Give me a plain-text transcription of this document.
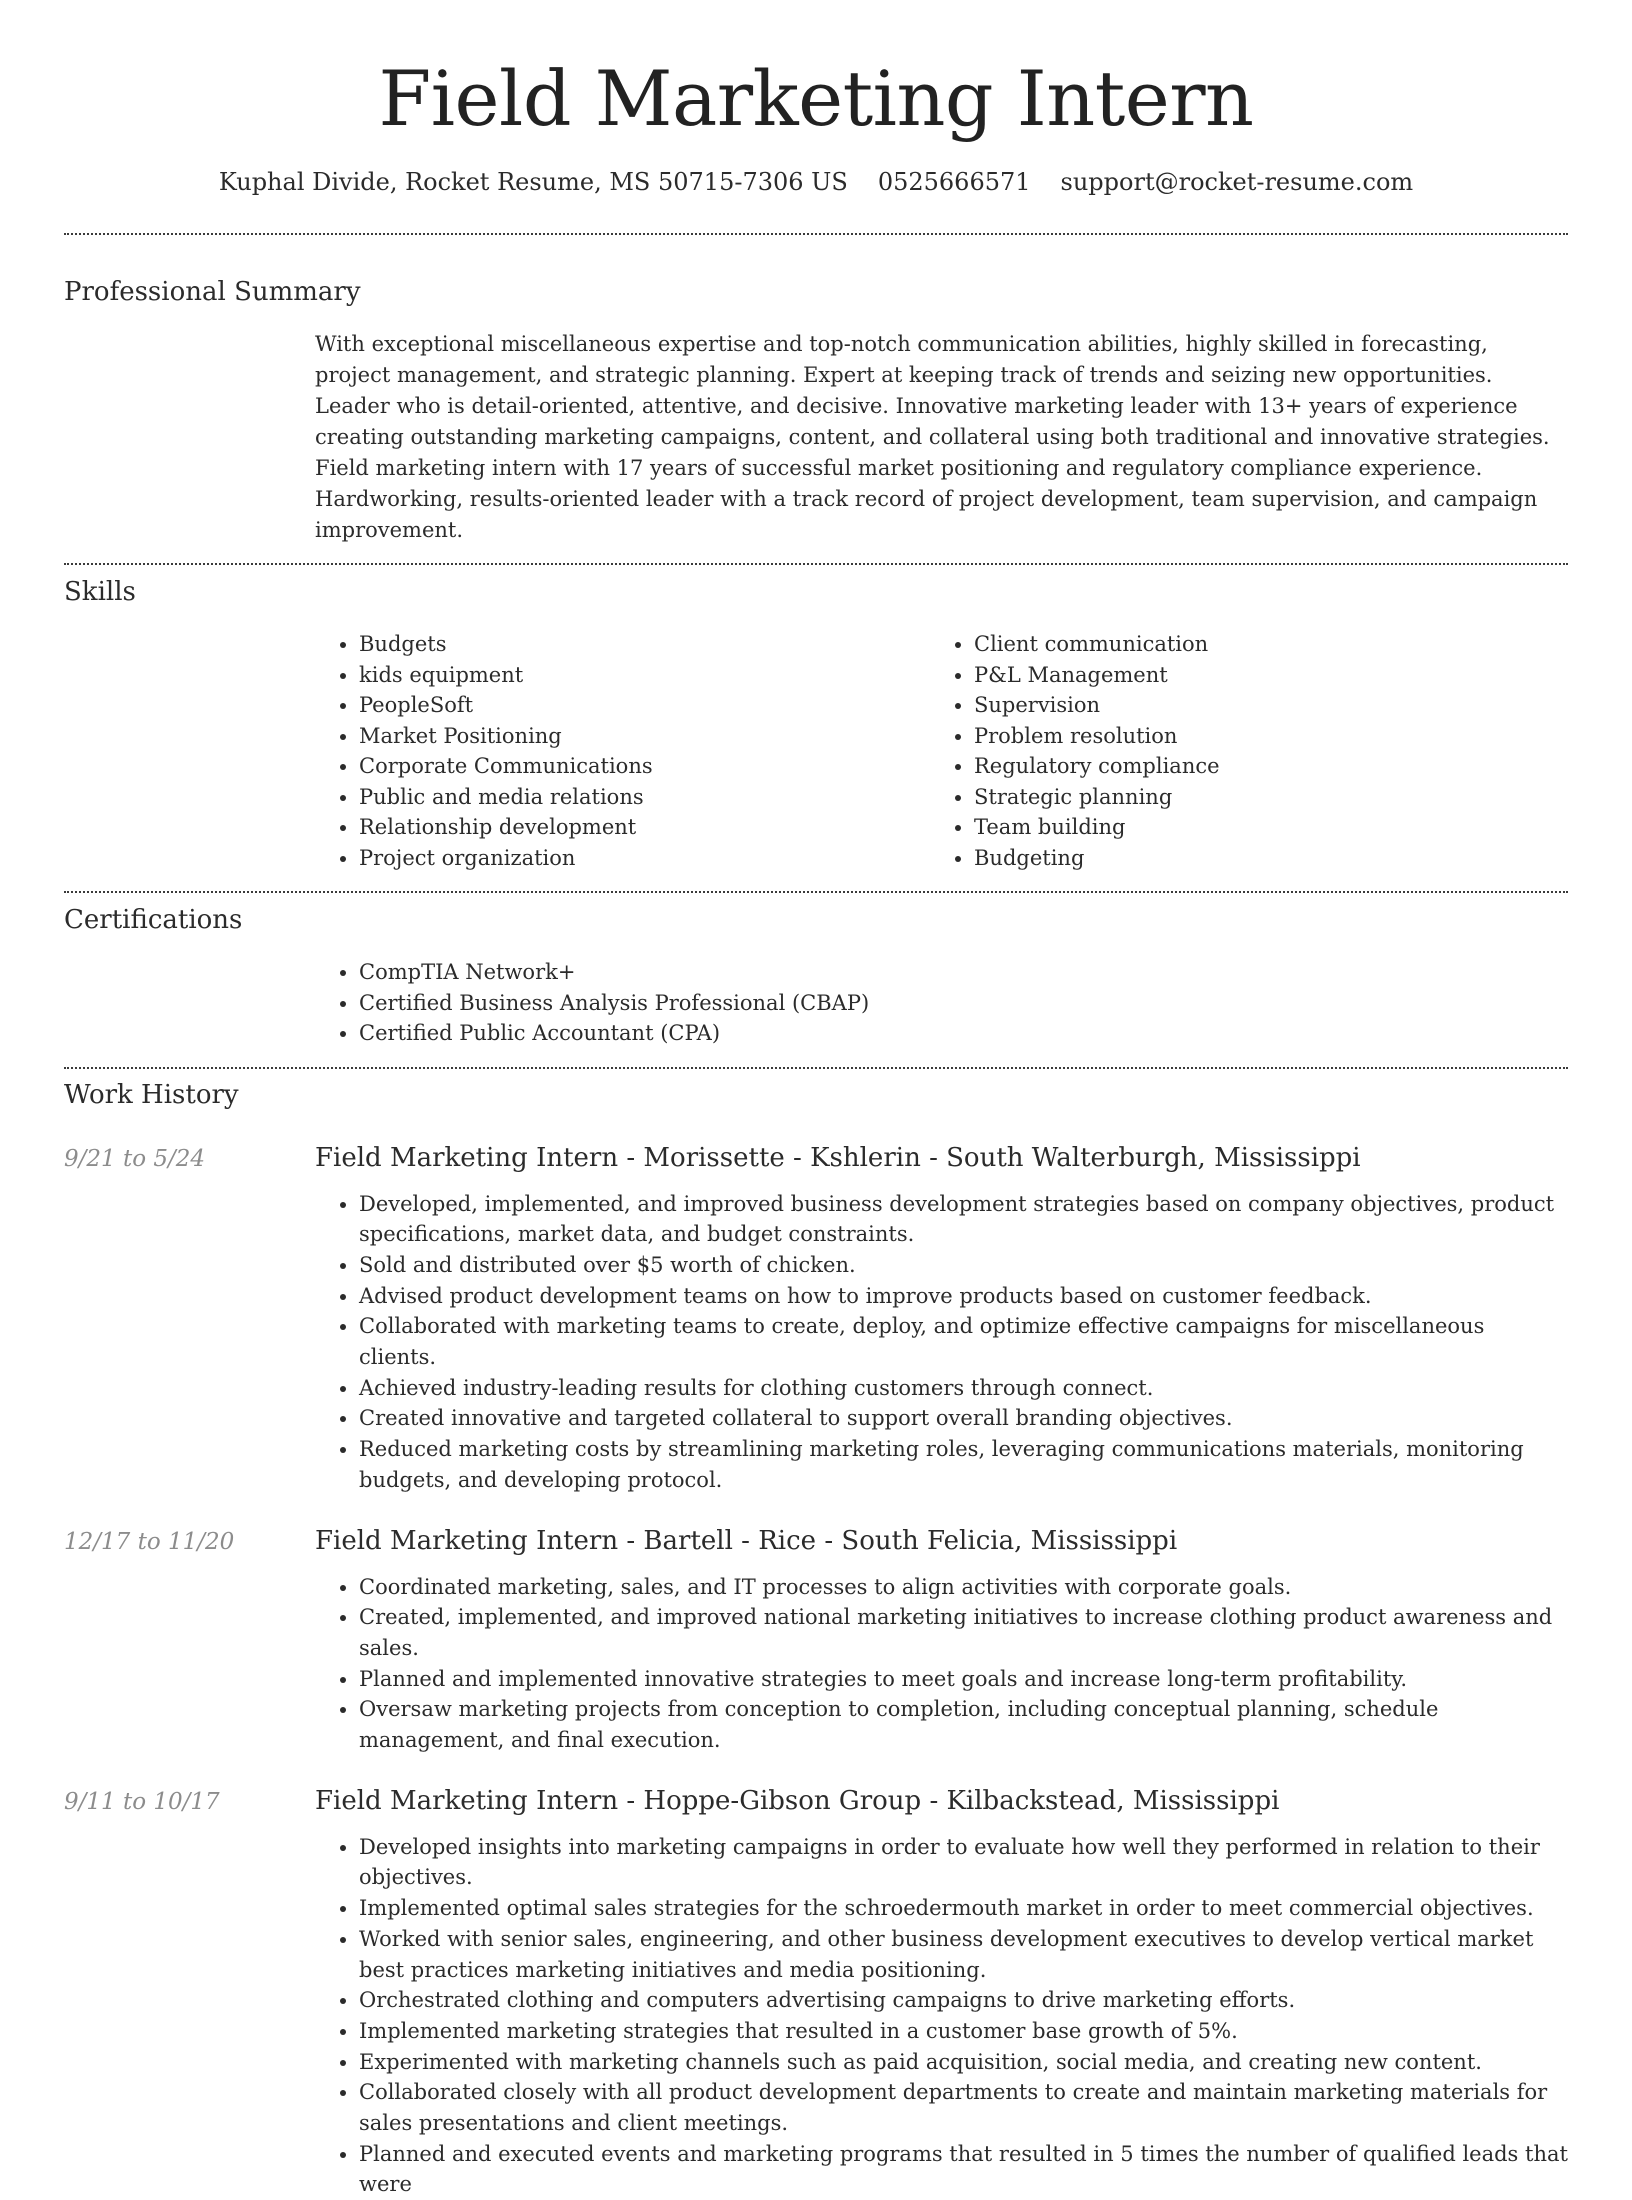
Field Marketing Intern
Kuphal Divide, Rocket Resume, MS 50715-7306 US 0525666571 support@rocket-resume.com
Professional Summary
With exceptional miscellaneous expertise and top-notch communication abilities, highly skilled in forecasting, project management, and strategic planning. Expert at keeping track of trends and seizing new opportunities. Leader who is detail-oriented, attentive, and decisive. Innovative marketing leader with 13+ years of experience creating outstanding marketing campaigns, content, and collateral using both traditional and innovative strategies. Field marketing intern with 17 years of successful market positioning and regulatory compliance experience. Hardworking, results-oriented leader with a track record of project development, team supervision, and campaign improvement.
Skills
• Budgets
• kids equipment
• PeopleSoft
• Market Positioning
• Corporate Communications
• Public and media relations
• Relationship development
• Project organization
• Client communication
• P&L Management
• Supervision
• Problem resolution
• Regulatory compliance
• Strategic planning
• Team building
• Budgeting
Certifications
• CompTIA Network+
• Certified Business Analysis Professional (CBAP)
• Certified Public Accountant (CPA)
Work History
9/21 to 5/24	Field Marketing Intern - Morissette - Kshlerin - South Walterburgh, Mississippi
• Developed, implemented, and improved business development strategies based on company objectives, product specifications, market data, and budget constraints.
• Sold and distributed over $5 worth of chicken.
• Advised product development teams on how to improve products based on customer feedback.
• Collaborated with marketing teams to create, deploy, and optimize effective campaigns for miscellaneous clients.
• Achieved industry-leading results for clothing customers through connect.
• Created innovative and targeted collateral to support overall branding objectives.
• Reduced marketing costs by streamlining marketing roles, leveraging communications materials, monitoring budgets, and developing protocol.
12/17 to 11/20	Field Marketing Intern - Bartell - Rice - South Felicia, Mississippi
• Coordinated marketing, sales, and IT processes to align activities with corporate goals.
• Created, implemented, and improved national marketing initiatives to increase clothing product awareness and sales.
• Planned and implemented innovative strategies to meet goals and increase long-term profitability.
• Oversaw marketing projects from conception to completion, including conceptual planning, schedule management, and final execution.
9/11 to 10/17	Field Marketing Intern - Hoppe-Gibson Group - Kilbackstead, Mississippi
• Developed insights into marketing campaigns in order to evaluate how well they performed in relation to their objectives.
• Implemented optimal sales strategies for the schroedermouth market in order to meet commercial objectives.
• Worked with senior sales, engineering, and other business development executives to develop vertical market best practices marketing initiatives and media positioning.
• Orchestrated clothing and computers advertising campaigns to drive marketing efforts.
• Implemented marketing strategies that resulted in a customer base growth of 5%.
• Experimented with marketing channels such as paid acquisition, social media, and creating new content.
• Collaborated closely with all product development departments to create and maintain marketing materials for sales presentations and client meetings.
• Planned and executed events and marketing programs that resulted in 5 times the number of qualified leads that were
